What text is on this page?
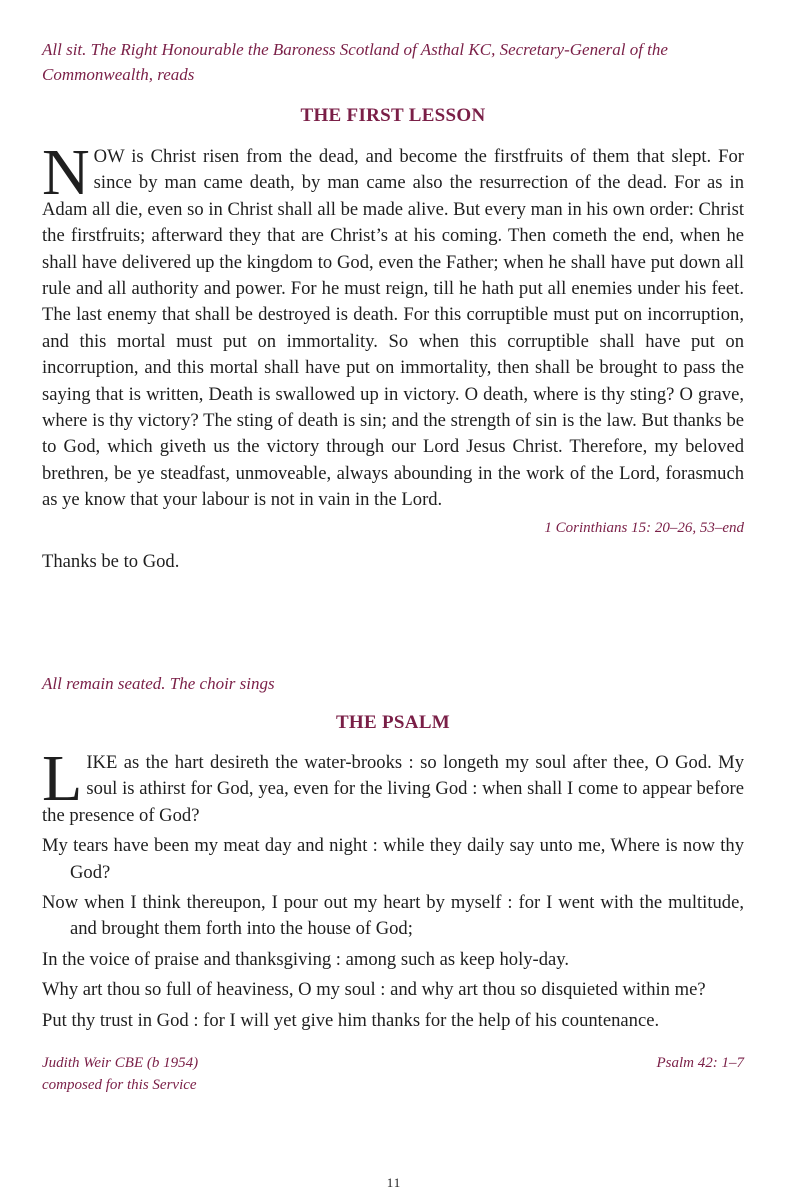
All sit. The Right Honourable the Baroness Scotland of Asthal KC, Secretary-General of the Commonwealth, reads

THE FIRST LESSON

N OW is Christ risen from the dead, and become the firstfruits of them that slept. For since by man came death, by man came also the resurrection of the dead. For as in Adam all die, even so in Christ shall all be made alive. But every man in his own order: Christ the firstfruits; afterward they that are Christ’s at his coming. Then cometh the end, when he shall have delivered up the kingdom to God, even the Father; when he shall have put down all rule and all authority and power. For he must reign, till he hath put all enemies under his feet. The last enemy that shall be destroyed is death. For this corruptible must put on incorruption, and this mortal must put on immortality. So when this corruptible shall have put on incorruption, and this mortal shall have put on immortality, then shall be brought to pass the saying that is written, Death is swallowed up in victory. O death, where is thy sting? O grave, where is thy victory? The sting of death is sin; and the strength of sin is the law. But thanks be to God, which giveth us the victory through our Lord Jesus Christ. Therefore, my beloved brethren, be ye steadfast, unmoveable, always abounding in the work of the Lord, forasmuch as ye know that your labour is not in vain in the Lord.

1 Corinthians 15: 20–26, 53–end

Thanks be to God.

All remain seated. The choir sings

THE PSALM

L IKE as the hart desireth the water-brooks : so longeth my soul after thee, O God. My soul is athirst for God, yea, even for the living God : when shall I come to appear before the presence of God?

My tears have been my meat day and night : while they daily say unto me, Where is now thy God?

Now when I think thereupon, I pour out my heart by myself : for I went with the multitude, and brought them forth into the house of God;

In the voice of praise and thanksgiving : among such as keep holy-day.

Why art thou so full of heaviness, O my soul : and why art thou so disquieted within me?

Put thy trust in God : for I will yet give him thanks for the help of his countenance.

Judith Weir CBE (b 1954)
composed for this Service
Psalm 42: 1–7
11
